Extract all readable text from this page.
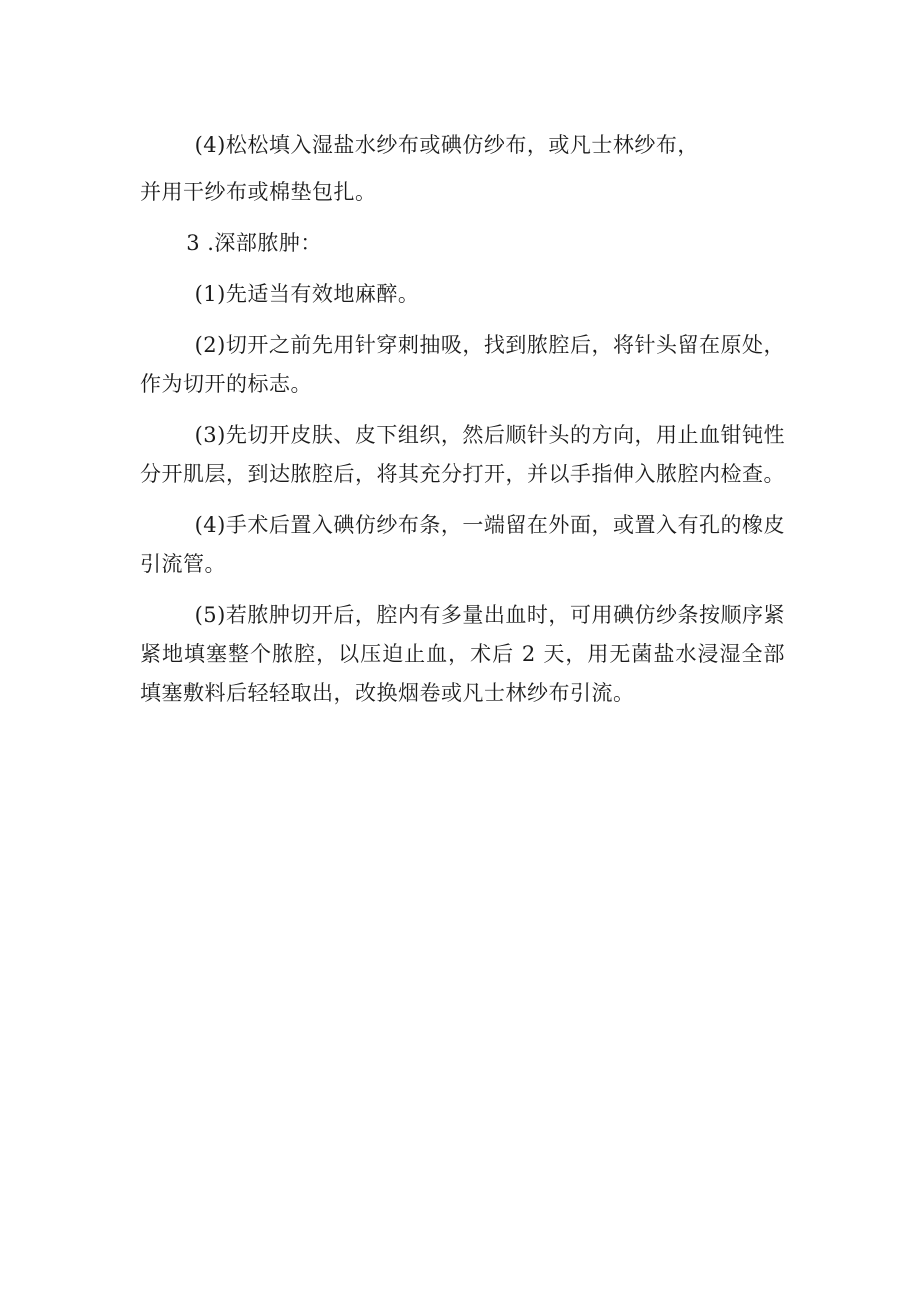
(4)松松填入湿盐水纱布或碘仿纱布，或凡士林纱布，

并用干纱布或棉垫包扎。

3 .深部脓肿：

(1)先适当有效地麻醉。

(2)切开之前先用针穿刺抽吸，找到脓腔后，将针头留在原处，作为切开的标志。

(3)先切开皮肤、皮下组织，然后顺针头的方向，用止血钳钝性分开肌层，到达脓腔后，将其充分打开，并以手指伸入脓腔内检查。

(4)手术后置入碘仿纱布条，一端留在外面，或置入有孔的橡皮引流管。

(5)若脓肿切开后，腔内有多量出血时，可用碘仿纱条按顺序紧紧地填塞整个脓腔，以压迫止血，术后 2 天，用无菌盐水浸湿全部填塞敷料后轻轻取出，改换烟卷或凡士林纱布引流。
